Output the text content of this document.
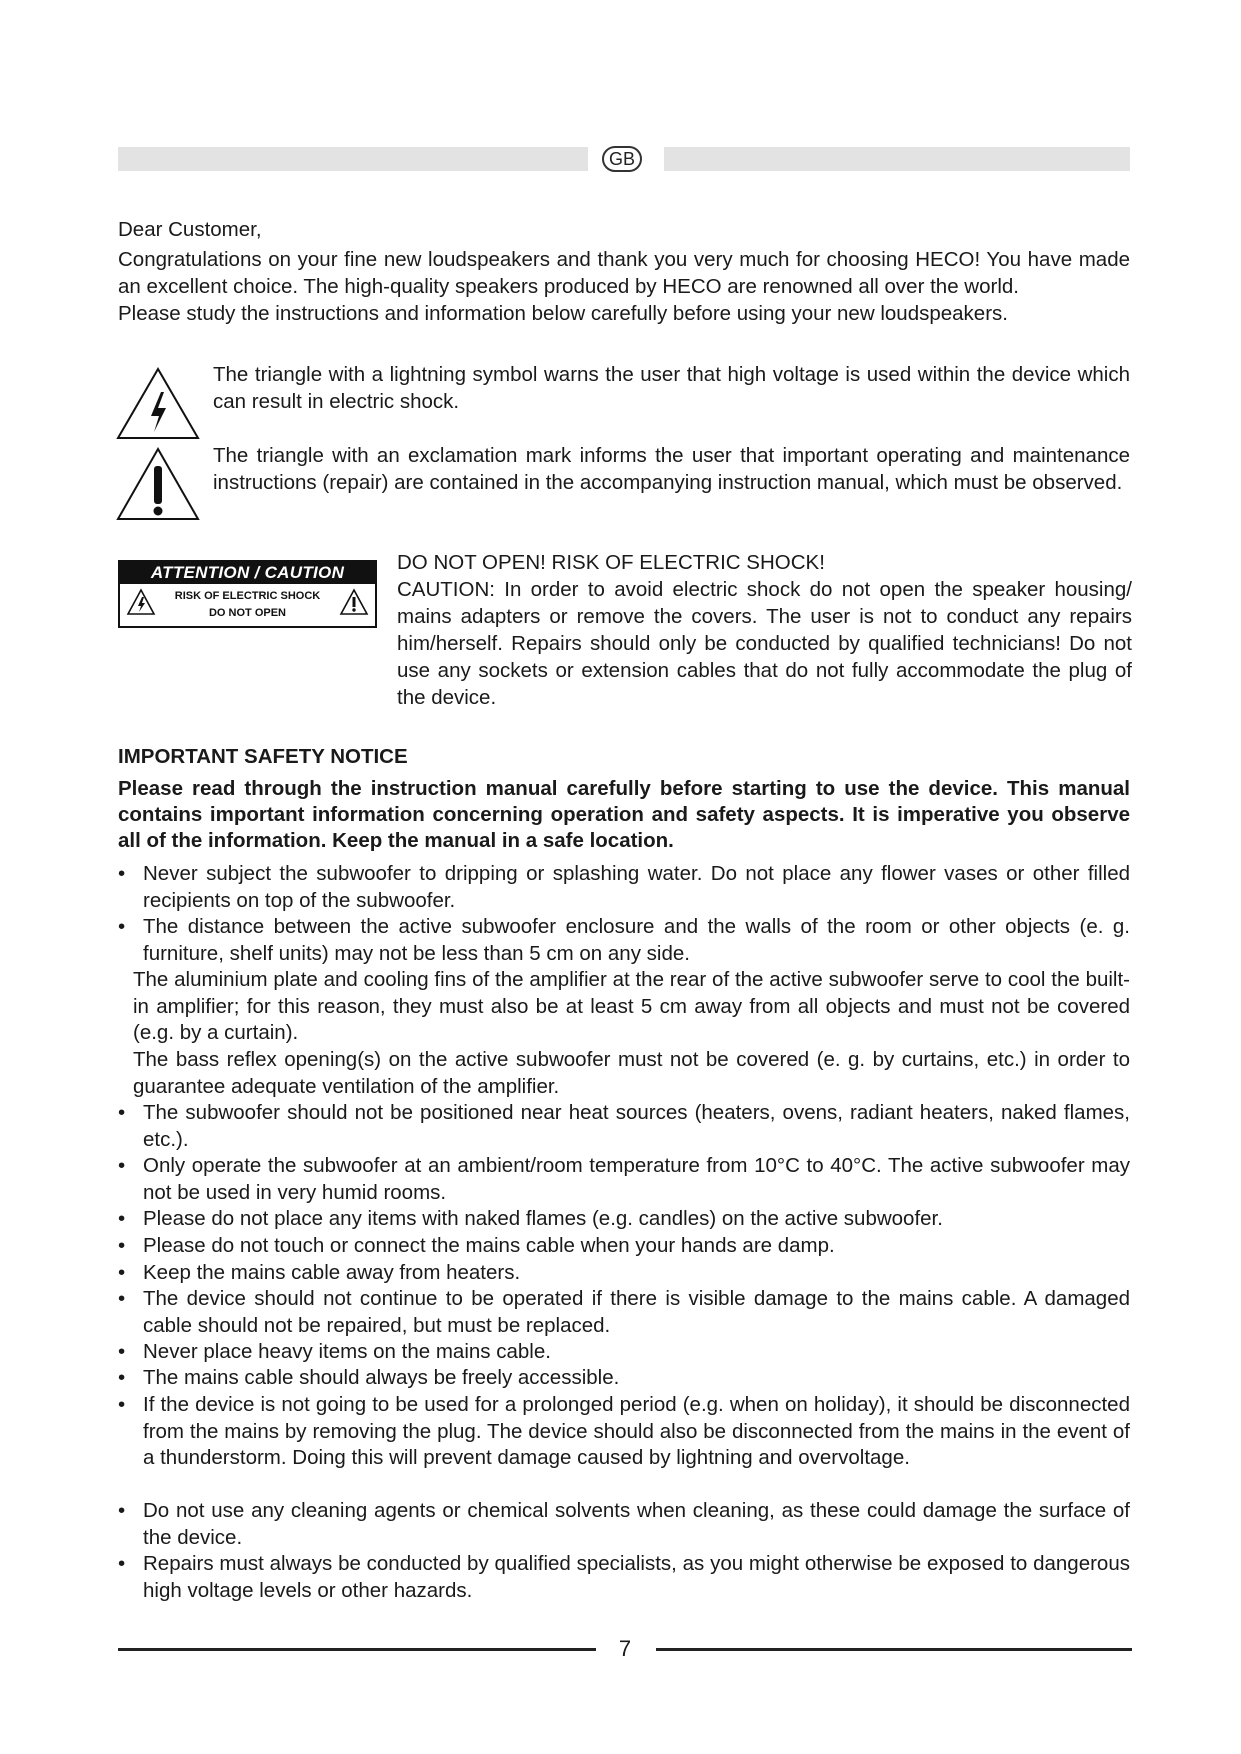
GB

Dear Customer,

Congratulations on your fine new loudspeakers and thank you very much for choosing HECO! You have made an excellent choice. The high-quality speakers produced by HECO are renowned all over the world.

Please study the instructions and information below carefully before using your new loudspeakers.

The triangle with a lightning symbol warns the user that high voltage is used within the device which can result in electric shock.

The triangle with an exclamation mark informs the user that important operating and maintenance instructions (repair) are contained in the accompanying instruction manual, which must be observed.

ATTENTION / CAUTION
RISK OF ELECTRIC SHOCK
DO NOT OPEN
DO NOT OPEN! RISK OF ELECTRIC SHOCK!
CAUTION: In order to avoid electric shock do not open the speaker housing/ mains adapters or remove the covers. The user is not to conduct any repairs him/herself. Repairs should only be conducted by qualified technicians! Do not use any sockets or extension cables that do not fully accommodate the plug of the device.

IMPORTANT SAFETY NOTICE

Please read through the instruction manual carefully before starting to use the device. This manual contains important information concerning operation and safety aspects. It is imperative you observe all of the information. Keep the manual in a safe location.

• Never subject the subwoofer to dripping or splashing water. Do not place any flower vases or other filled recipients on top of the subwoofer.
• The distance between the active subwoofer enclosure and the walls of the room or other objects (e. g. furniture, shelf units) may not be less than 5 cm on any side.
The aluminium plate and cooling fins of the amplifier at the rear of the active subwoofer serve to cool the built-in amplifier; for this reason, they must also be at least 5 cm away from all objects and must not be covered (e.g. by a curtain).
The bass reflex opening(s) on the active subwoofer must not be covered (e. g. by curtains, etc.) in order to guarantee adequate ventilation of the amplifier.
• The subwoofer should not be positioned near heat sources (heaters, ovens, radiant heaters, naked flames, etc.).
• Only operate the subwoofer at an ambient/room temperature from 10°C to 40°C. The active subwoofer may not be used in very humid rooms.
• Please do not place any items with naked flames (e.g. candles) on the active subwoofer.
• Please do not touch or connect the mains cable when your hands are damp.
• Keep the mains cable away from heaters.
• The device should not continue to be operated if there is visible damage to the mains cable. A damaged cable should not be repaired, but must be replaced.
• Never place heavy items on the mains cable.
• The mains cable should always be freely accessible.
• If the device is not going to be used for a prolonged period (e.g. when on holiday), it should be disconnected from the mains by removing the plug. The device should also be disconnected from the mains in the event of a thunderstorm. Doing this will prevent damage caused by lightning and overvoltage.
• Do not use any cleaning agents or chemical solvents when cleaning, as these could damage the surface of the device.
• Repairs must always be conducted by qualified specialists, as you might otherwise be exposed to dangerous high voltage levels or other hazards.
7
